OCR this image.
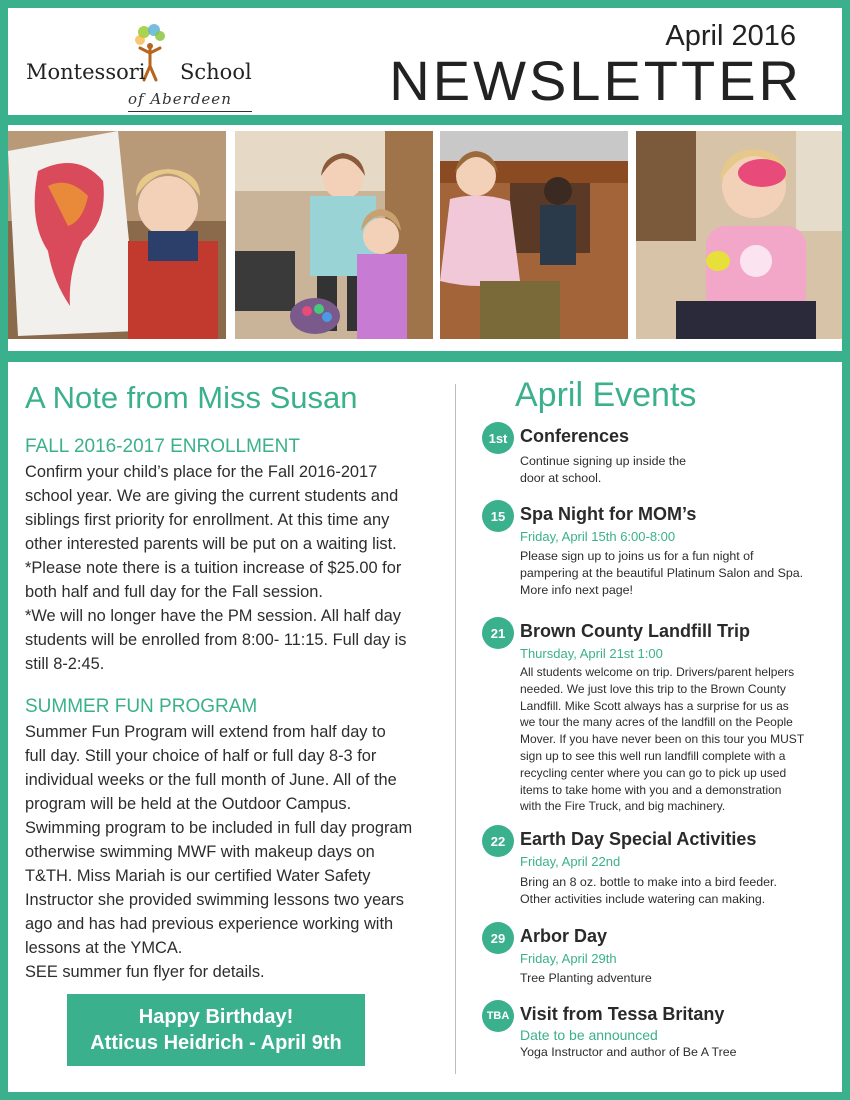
Montessori School
of Aberdeen
April 2016
NEWSLETTER
A Note from Miss Susan
FALL 2016-2017 ENROLLMENT

Confirm your child’s place for the Fall 2016-2017
school year. We are giving the current students and
siblings first priority for enrollment. At this time any
other interested parents will be put on a waiting list.
*Please note there is a tuition increase of $25.00 for
both half and full day for the Fall session.
*We will no longer have the PM session. All half day
students will be enrolled from 8:00- 11:15. Full day is
still 8-2:45.

SUMMER FUN PROGRAM

Summer Fun Program will extend from half day to
full day. Still your choice of half or full day 8-3 for
individual weeks or the full month of June. All of the
program will be held at the Outdoor Campus.
Swimming program to be included in full day program
otherwise swimming MWF with makeup days on
T&TH. Miss Mariah is our certified Water Safety
Instructor she provided swimming lessons two years
ago and has had previous experience working with
lessons at the YMCA.
SEE summer fun flyer for details.

Happy Birthday!
Atticus Heidrich - April 9th
April Events
1st Conferences

Continue signing up inside the
door at school.

15 Spa Night for MOM’s
Friday, April 15th 6:00-8:00

Please sign up to joins us for a fun night of
pampering at the beautiful Platinum Salon and Spa.
More info next page!

21 Brown County Landfill Trip
Thursday, April 21st 1:00

All students welcome on trip. Drivers/parent helpers
needed. We just love this trip to the Brown County
Landfill. Mike Scott always has a surprise for us as
we tour the many acres of the landfill on the People
Mover. If you have never been on this tour you MUST
sign up to see this well run landfill complete with a
recycling center where you can go to pick up used
items to take home with you and a demonstration
with the Fire Truck, and big machinery.

22 Earth Day Special Activities
Friday, April 22nd

Bring an 8 oz. bottle to make into a bird feeder.
Other activities include watering can making.

29 Arbor Day
Friday, April 29th

Tree Planting adventure

TBA Visit from Tessa Britany
Date to be announced

Yoga Instructor and author of Be A Tree
